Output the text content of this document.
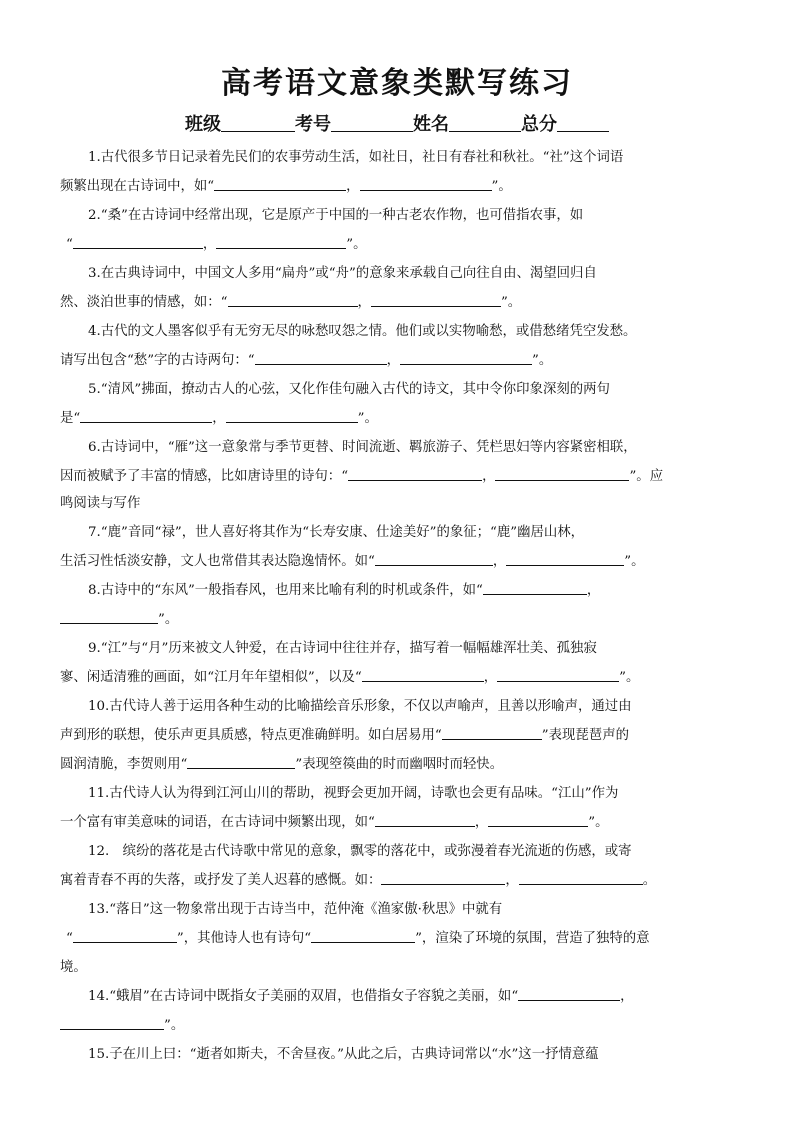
高考语文意象类默写练习
班级	考号	姓名	总分
1.古代很多节日记录着先民们的农事劳动生活，如社日，社日有春社和秋社。“社”这个词语
频繁出现在古诗词中，如“	，	”。
2.“桑”在古诗词中经常出现，它是原产于中国的一种古老农作物，也可借指农事，如
“	，	”。
3.在古典诗词中，中国文人多用“扁舟”或“舟”的意象来承载自己向往自由、渴望回归自
然、淡泊世事的情感，如：“	，	”。
4.古代的文人墨客似乎有无穷无尽的咏愁叹怨之情。他们或以实物喻愁，或借愁绪凭空发愁。
请写出包含“愁”字的古诗两句：“	，	”。
5.“清风”拂面，撩动古人的心弦，又化作佳句融入古代的诗文，其中令你印象深刻的两句
是“	，	”。
6.古诗词中，“雁”这一意象常与季节更替、时间流逝、羁旅游子、凭栏思妇等内容紧密相联，
因而被赋予了丰富的情感，比如唐诗里的诗句：“	，	”。应
鸣阅读与写作
7.“鹿”音同“禄”，世人喜好将其作为“长寿安康、仕途美好”的象征；“鹿”幽居山林，
生活习性恬淡安静，文人也常借其表达隐逸情怀。如“	，	”。
8.古诗中的“东风”一般指春风，也用来比喻有利的时机或条件，如“	，
”。
9.“江”与“月”历来被文人钟爱，在古诗词中往往并存，描写着一幅幅雄浑壮美、孤独寂
寥、闲适清雅的画面，如“江月年年望相似”，以及“	，	”。
10.古代诗人善于运用各种生动的比喻描绘音乐形象，不仅以声喻声，且善以形喻声，通过由
声到形的联想，使乐声更具质感，特点更准确鲜明。如白居易用“	”表现琵琶声的
圆润清脆，李贺则用“	”表现箜篌曲的时而幽咽时而轻快。
11.古代诗人认为得到江河山川的帮助，视野会更加开阔，诗歌也会更有品味。“江山”作为
一个富有审美意味的词语，在古诗词中频繁出现，如“	，	”。
12.　缤纷的落花是古代诗歌中常见的意象，飘零的落花中，或弥漫着春光流逝的伤感，或寄
寓着青春不再的失落，或抒发了美人迟暮的感慨。如：	，	。
13.“落日”这一物象常出现于古诗当中，范仲淹《渔家傲·秋思》中就有
“	”，其他诗人也有诗句“	”，渲染了环境的氛围，营造了独特的意
境。
14.“蛾眉”在古诗词中既指女子美丽的双眉，也借指女子容貌之美丽，如“	，
”。
15.子在川上曰：“逝者如斯夫，不舍昼夜。”从此之后，古典诗词常以“水”这一抒情意蕴
